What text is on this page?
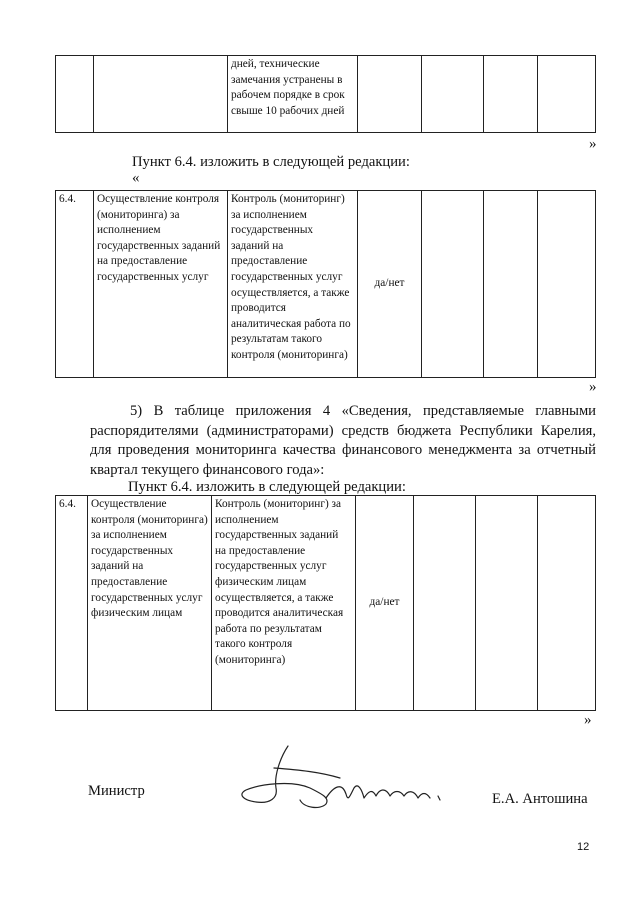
		дней, технические замечания устранены в рабочем порядке в срок свыше 10 рабочих дней				
»
Пункт 6.4. изложить в следующей редакции:
«
6.4.	Осуществление контроля (мониторинга) за исполнением государственных заданий на предоставление государственных услуг	Контроль (мониторинг) за исполнением государственных заданий на предоставление государственных услуг осуществляется, а также проводится аналитическая работа по результатам такого контроля (мониторинга)	да/нет			
»
5) В таблице приложения 4 «Сведения, представляемые главными распорядителями (администраторами) средств бюджета Республики Карелия, для проведения мониторинга качества финансового менеджмента за отчетный квартал текущего финансового года»:
Пункт 6.4. изложить в следующей редакции:
6.4.	Осуществление контроля (мониторинга) за исполнением государственных заданий на предоставление государственных услуг физическим лицам	Контроль (мониторинг) за исполнением государственных заданий на предоставление государственных услуг физическим лицам осуществляется, а также проводится аналитическая работа по результатам такого контроля (мониторинга)	да/нет			
»
Министр	Е.А. Антошина
12
